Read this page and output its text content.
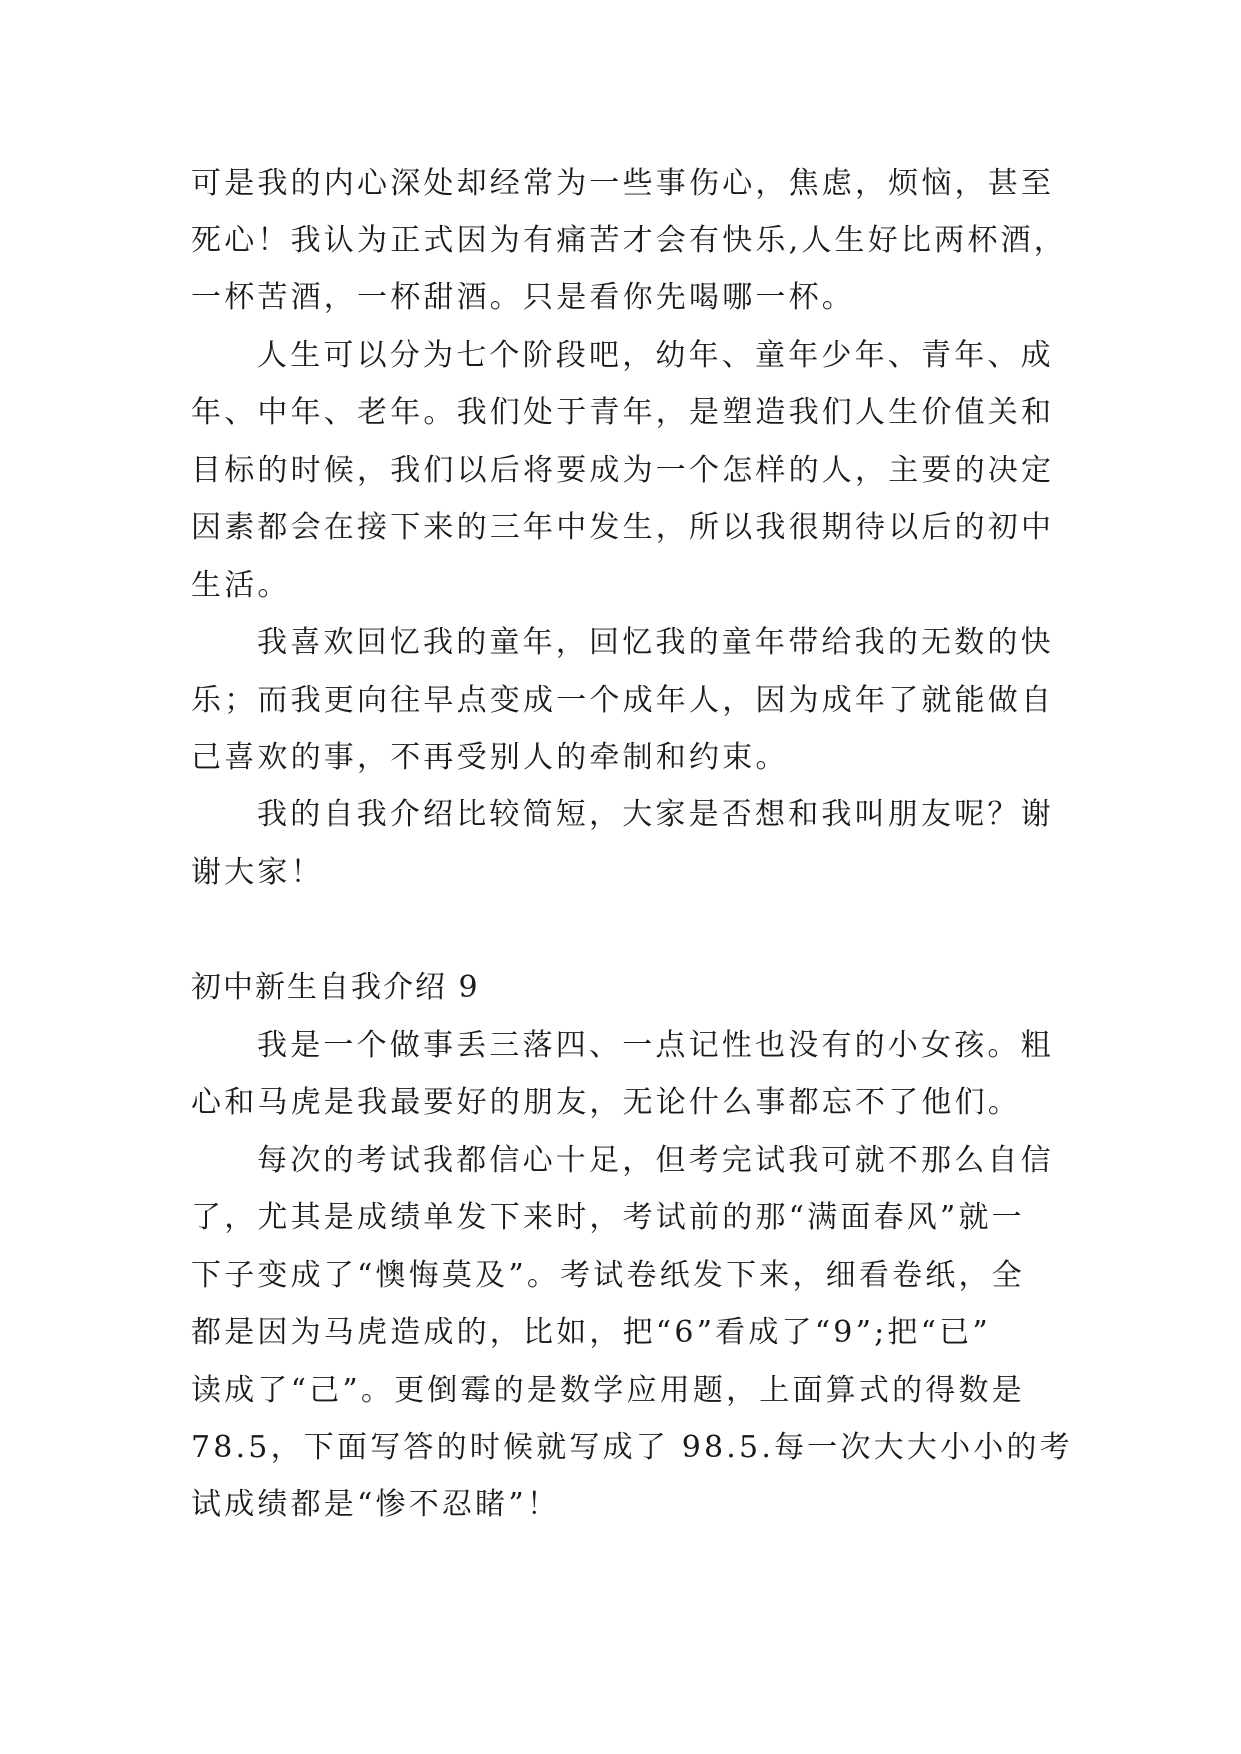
可是我的内心深处却经常为一些事伤心，焦虑，烦恼，甚至
死心！我认为正式因为有痛苦才会有快乐,人生好比两杯酒，
一杯苦酒，一杯甜酒。只是看你先喝哪一杯。
人生可以分为七个阶段吧，幼年、童年少年、青年、成
年、中年、老年。我们处于青年，是塑造我们人生价值关和
目标的时候，我们以后将要成为一个怎样的人，主要的决定
因素都会在接下来的三年中发生，所以我很期待以后的初中
生活。
我喜欢回忆我的童年，回忆我的童年带给我的无数的快
乐；而我更向往早点变成一个成年人，因为成年了就能做自
己喜欢的事，不再受别人的牵制和约束。
我的自我介绍比较简短，大家是否想和我叫朋友呢？谢
谢大家！
初中新生自我介绍 9
我是一个做事丢三落四、一点记性也没有的小女孩。粗
心和马虎是我最要好的朋友，无论什么事都忘不了他们。
每次的考试我都信心十足，但考完试我可就不那么自信
了，尤其是成绩单发下来时，考试前的那“满面春风”就一
下子变成了“懊悔莫及”。考试卷纸发下来，细看卷纸，全
都是因为马虎造成的，比如，把“6”看成了“9”;把“已”
读成了“己”。更倒霉的是数学应用题，上面算式的得数是
78.5，下面写答的时候就写成了 98.5.每一次大大小小的考
试成绩都是“惨不忍睹”！
